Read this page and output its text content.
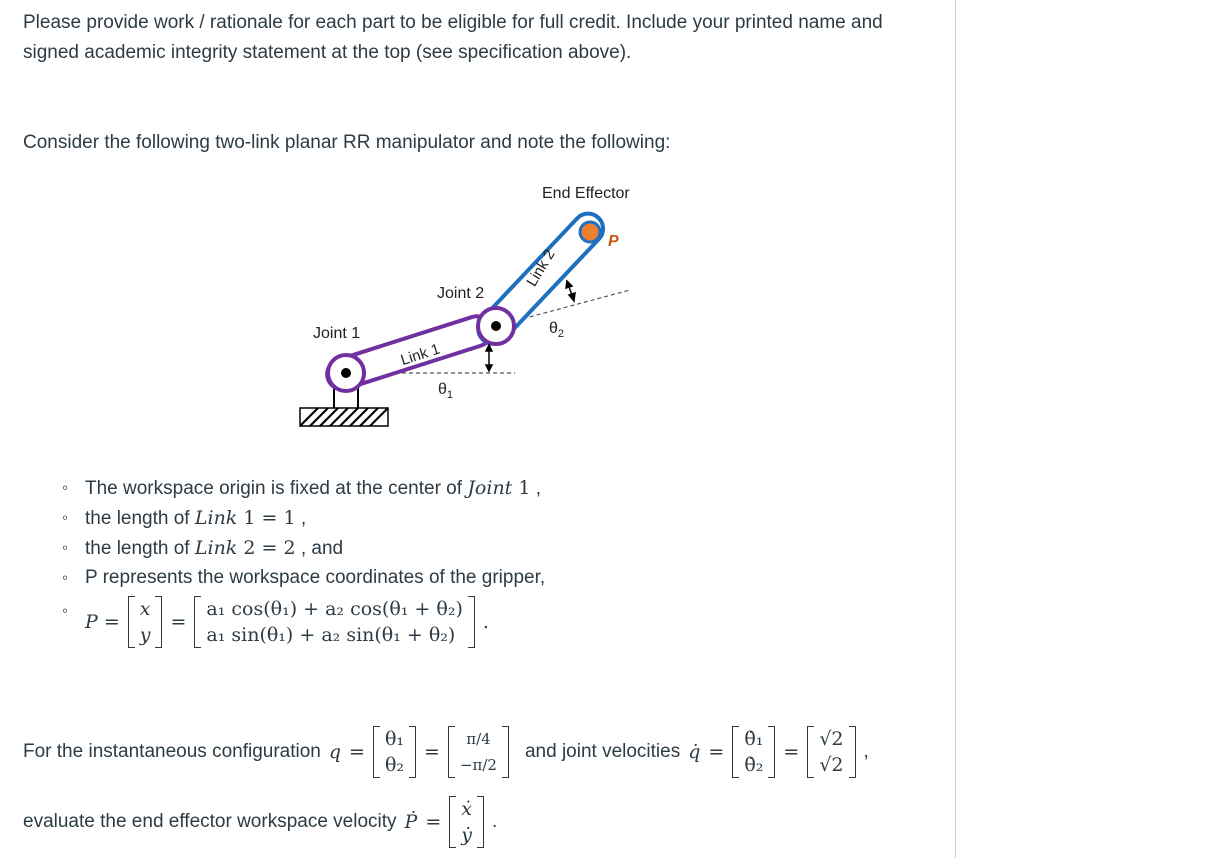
Please provide work / rationale for each part to be eligible for full credit. Include your printed name and signed academic integrity statement at the top (see specification above).

Consider the following two-link planar RR manipulator and note the following:

End Effector
Joint 2
Joint 1
Link 1
Link 2
P
$\theta_1$
$\theta_2$
◦ The workspace origin is fixed at the center of Joint 1 ,
◦ the length of Link 1 = 1 ,
◦ the length of Link 2 = 2 , and
◦ P represents the workspace coordinates of the gripper,
◦ P =
x
y
=
a₁ cos(θ₁) + a₂ cos(θ₁ + θ₂)
a₁ sin(θ₁) + a₂ sin(θ₁ + θ₂)
.
For the instantaneous configuration q =
θ₁
θ₂
=
π/4
−π/2
and joint velocities q̇ =
θ̇₁
θ̇₂
=
√2
√2
,
evaluate the end effector workspace velocity Ṗ =
ẋ
ẏ
.
